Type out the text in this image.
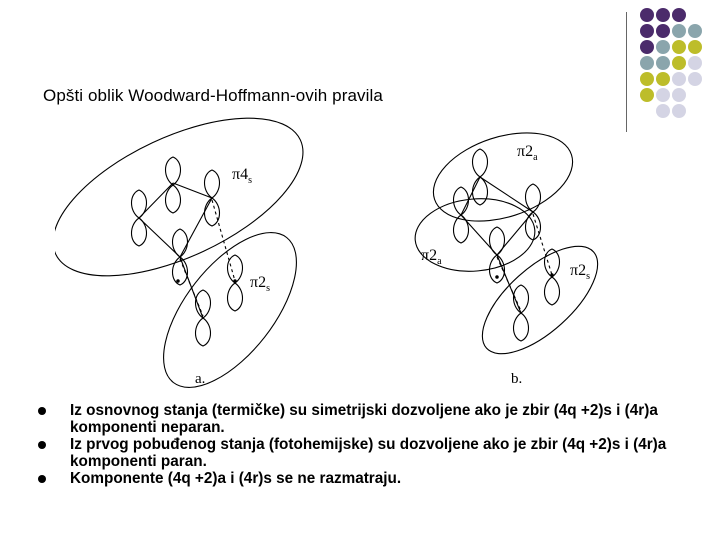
Opšti oblik Woodward-Hoffmann-ovih pravila
$\pi 4_s$
$\pi 2_s$
a.
$\pi 2_a$
$\pi 2_a$
$\pi 2_s$
b.
Iz osnovnog stanja (termičke) su simetrijski dozvoljene ako je zbir (4q +2)s i (4r)a komponenti neparan.
Iz prvog pobuđenog stanja (fotohemijske) su dozvoljene ako je zbir (4q +2)s i (4r)a komponenti paran.
Komponente (4q +2)a i (4r)s se ne razmatraju.
